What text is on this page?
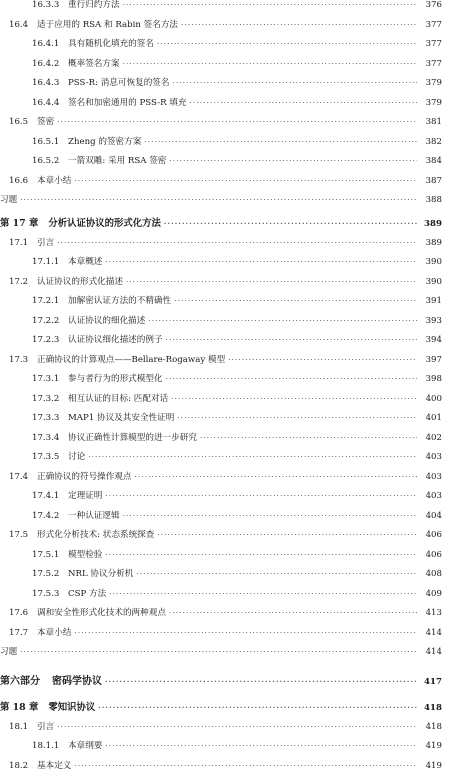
16.3.3	重行归约方法 ·····	376
16.4	适于应用的 RSA 和 Rabin 签名方法 ·····	377
16.4.1	具有随机化填充的签名 ·····	377
16.4.2	概率签名方案 ·····	377
16.4.3	PSS-R: 消息可恢复的签名 ·····	379
16.4.4	签名和加密通用的 PSS-R 填充 ·····	379
16.5	签密 ·····	381
16.5.1	Zheng 的签密方案 ·····	382
16.5.2	一箭双雕: 采用 RSA 签密 ·····	384
16.6	本章小结 ·····	387
习题 ·····	388
第 17 章	分析认证协议的形式化方法 ·····	389
17.1	引言 ·····	389
17.1.1	本章概述 ·····	390
17.2	认证协议的形式化描述 ·····	390
17.2.1	加解密认证方法的不精确性 ·····	391
17.2.2	认证协议的细化描述 ·····	393
17.2.3	认证协议细化描述的例子 ·····	394
17.3	正确协议的计算观点——Bellare-Rogaway 模型 ·····	397
17.3.1	参与者行为的形式模型化 ·····	398
17.3.2	相互认证的目标: 匹配对话 ·····	400
17.3.3	MAP1 协议及其安全性证明 ·····	401
17.3.4	协议正确性计算模型的进一步研究 ·····	402
17.3.5	讨论 ·····	403
17.4	正确协议的符号操作观点 ·····	403
17.4.1	定理证明 ·····	403
17.4.2	一种认证逻辑 ·····	404
17.5	形式化分析技术: 状态系统探查 ·····	406
17.5.1	模型检验 ·····	406
17.5.2	NRL 协议分析机 ·····	408
17.5.3	CSP 方法 ·····	409
17.6	调和安全性形式化技术的两种观点 ·····	413
17.7	本章小结 ·····	414
习题 ·····	414
第六部分	密码学协议 ·····	417
第 18 章	零知识协议 ·····	418
18.1	引言 ·····	418
18.1.1	本章纲要 ·····	419
18.2	基本定义 ·····	419
